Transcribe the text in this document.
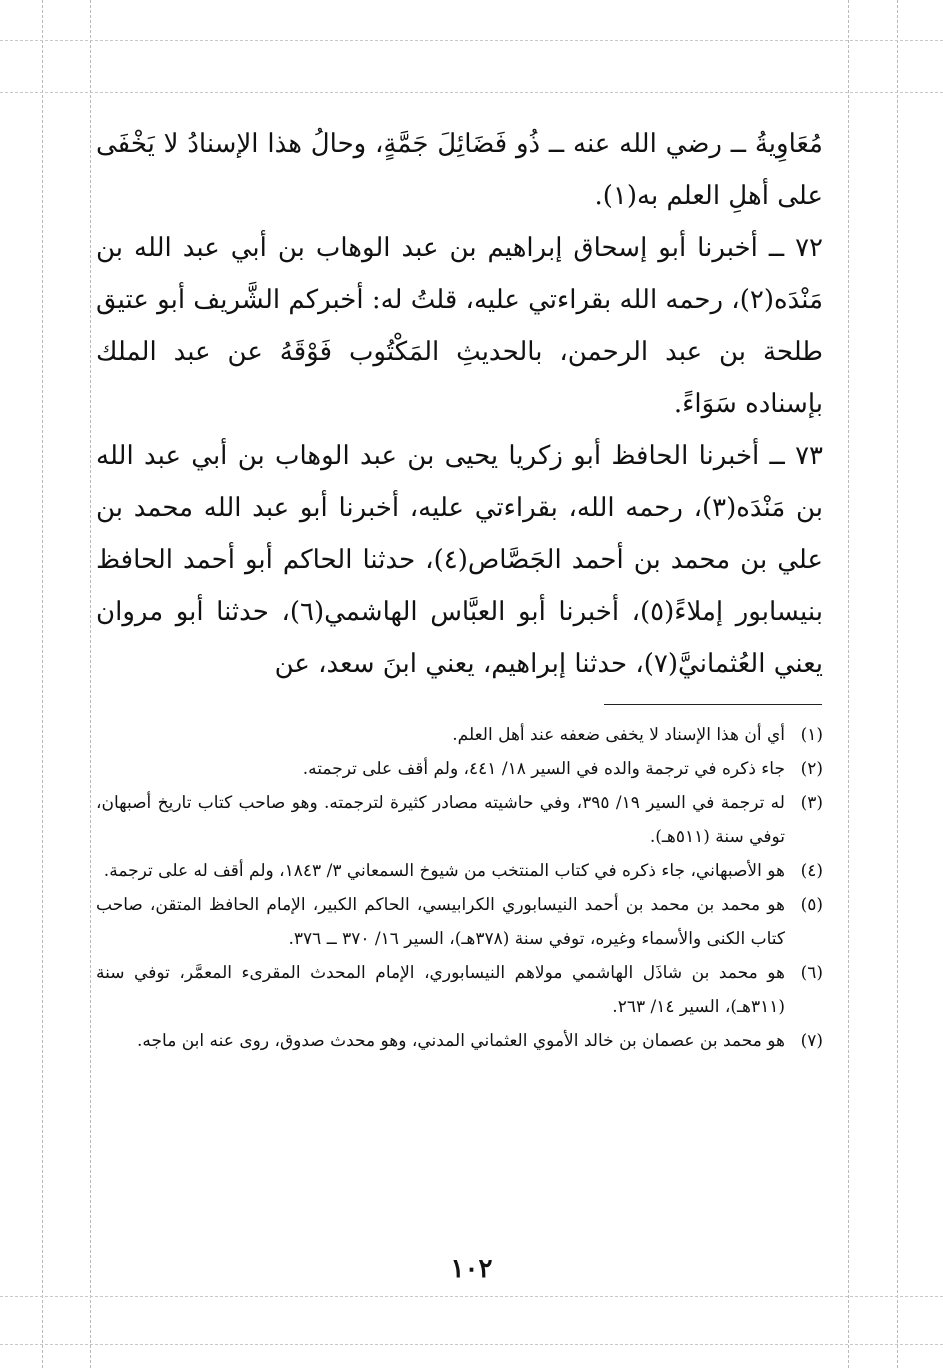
مُعَاوِيةُ ــ رضي الله عنه ــ ذُو فَضَائِلَ جَمَّةٍ، وحالُ هذا الإسنادُ لا يَخْفَى على أهلِ العلم به(١).

٧٢ ــ أخبرنا أبو إسحاق إبراهيم بن عبد الوهاب بن أبي عبد الله بن مَنْدَه(٢)، رحمه الله بقراءتي عليه، قلتُ له: أخبركم الشَّريف أبو عتيق طلحة بن عبد الرحمن، بالحديثِ المَكْتُوب فَوْقَهُ عن عبد الملك بإسناده سَوَاءً.

٧٣ ــ أخبرنا الحافظ أبو زكريا يحيى بن عبد الوهاب بن أبي عبد الله بن مَنْدَه(٣)، رحمه الله، بقراءتي عليه، أخبرنا أبو عبد الله محمد بن علي بن محمد بن أحمد الجَصَّاص(٤)، حدثنا الحاكم أبو أحمد الحافظ بنيسابور إملاءً(٥)، أخبرنا أبو العبَّاس الهاشمي(٦)، حدثنا أبو مروان يعني العُثمانيَّ(٧)، حدثنا إبراهيم، يعني ابنَ سعد، عن

(١)
أي أن هذا الإسناد لا يخفى ضعفه عند أهل العلم.
(٢)
جاء ذكره في ترجمة والده في السير ١٨/ ٤٤١، ولم أقف على ترجمته.
(٣)
له ترجمة في السير ١٩/ ٣٩٥، وفي حاشيته مصادر كثيرة لترجمته. وهو صاحب كتاب تاريخ أصبهان، توفي سنة (٥١١هـ).
(٤)
هو الأصبهاني، جاء ذكره في كتاب المنتخب من شيوخ السمعاني ٣/ ١٨٤٣، ولم أقف له على ترجمة.
(٥)
هو محمد بن محمد بن أحمد النيسابوري الكرابيسي، الحاكم الكبير، الإمام الحافظ المتقن، صاحب كتاب الكنى والأسماء وغيره، توفي سنة (٣٧٨هـ)، السير ١٦/ ٣٧٠ ــ ٣٧٦.
(٦)
هو محمد بن شاذَل الهاشمي مولاهم النيسابوري، الإمام المحدث المقرىء المعمَّر، توفي سنة (٣١١هـ)، السير ١٤/ ٢٦٣.
(٧)
هو محمد بن عصمان بن خالد الأموي العثماني المدني، وهو محدث صدوق، روى عنه ابن ماجه.
١٠٢
